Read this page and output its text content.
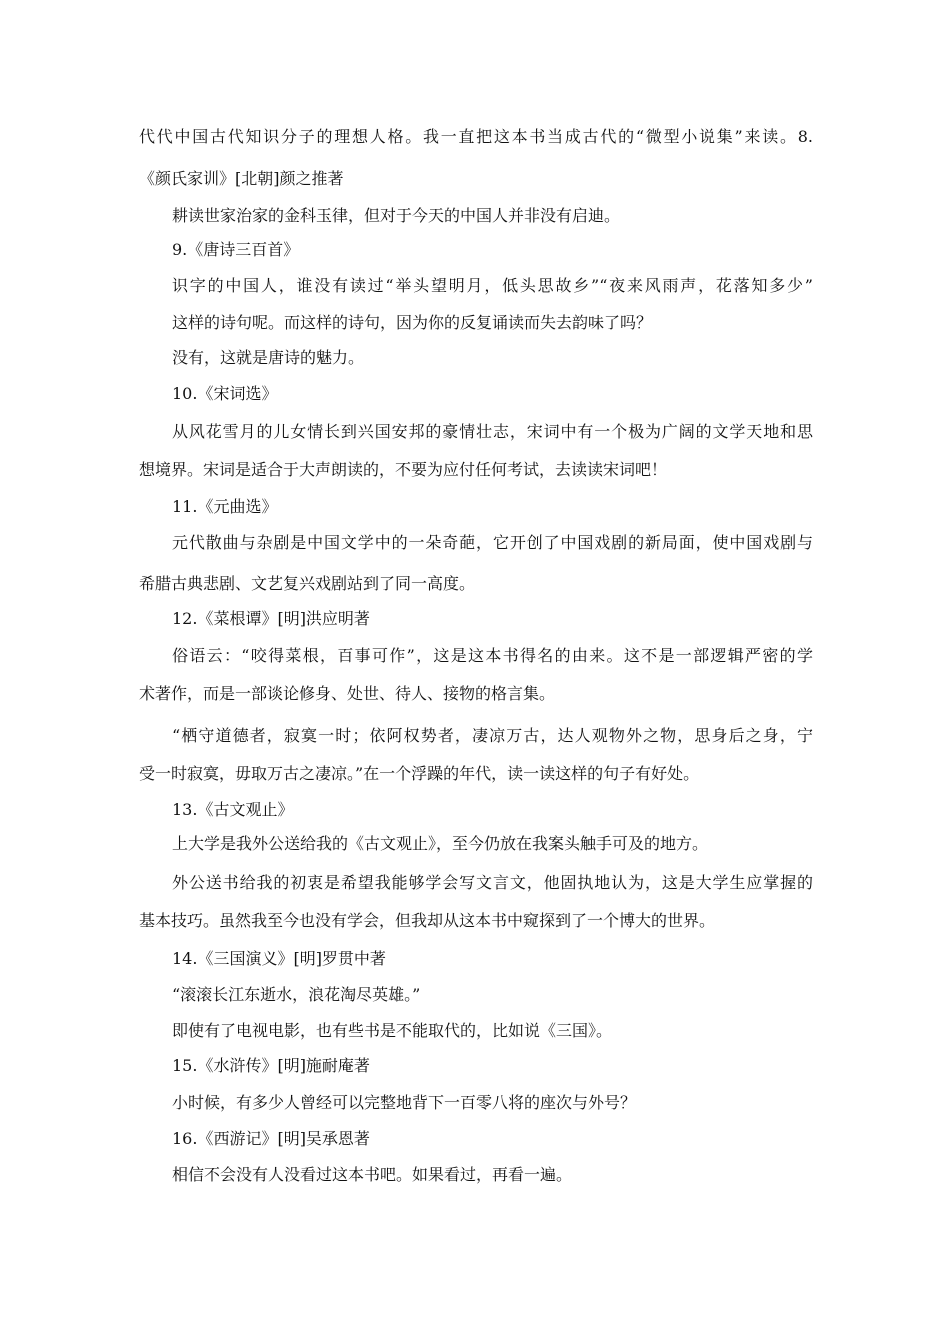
代代中国古代知识分子的理想人格。我一直把这本书当成古代的“微型小说集”来读。8.
《颜氏家训》[北朝]颜之推著
耕读世家治家的金科玉律，但对于今天的中国人并非没有启迪。
9.《唐诗三百首》
识字的中国人，谁没有读过“举头望明月，低头思故乡”“夜来风雨声，花落知多少”
这样的诗句呢。而这样的诗句，因为你的反复诵读而失去韵味了吗？
没有，这就是唐诗的魅力。
10.《宋词选》
从风花雪月的儿女情长到兴国安邦的豪情壮志，宋词中有一个极为广阔的文学天地和思
想境界。宋词是适合于大声朗读的，不要为应付任何考试，去读读宋词吧！
11.《元曲选》
元代散曲与杂剧是中国文学中的一朵奇葩，它开创了中国戏剧的新局面，使中国戏剧与
希腊古典悲剧、文艺复兴戏剧站到了同一高度。
12.《菜根谭》[明]洪应明著
俗语云：“咬得菜根，百事可作”，这是这本书得名的由来。这不是一部逻辑严密的学
术著作，而是一部谈论修身、处世、待人、接物的格言集。
“栖守道德者，寂寞一时；依阿权势者，凄凉万古，达人观物外之物，思身后之身，宁
受一时寂寞，毋取万古之凄凉。”在一个浮躁的年代，读一读这样的句子有好处。
13.《古文观止》
上大学是我外公送给我的《古文观止》，至今仍放在我案头触手可及的地方。
外公送书给我的初衷是希望我能够学会写文言文，他固执地认为，这是大学生应掌握的
基本技巧。虽然我至今也没有学会，但我却从这本书中窥探到了一个博大的世界。
14.《三国演义》[明]罗贯中著
“滚滚长江东逝水，浪花淘尽英雄。”
即使有了电视电影，也有些书是不能取代的，比如说《三国》。
15.《水浒传》[明]施耐庵著
小时候，有多少人曾经可以完整地背下一百零八将的座次与外号？
16.《西游记》[明]吴承恩著
相信不会没有人没看过这本书吧。如果看过，再看一遍。
